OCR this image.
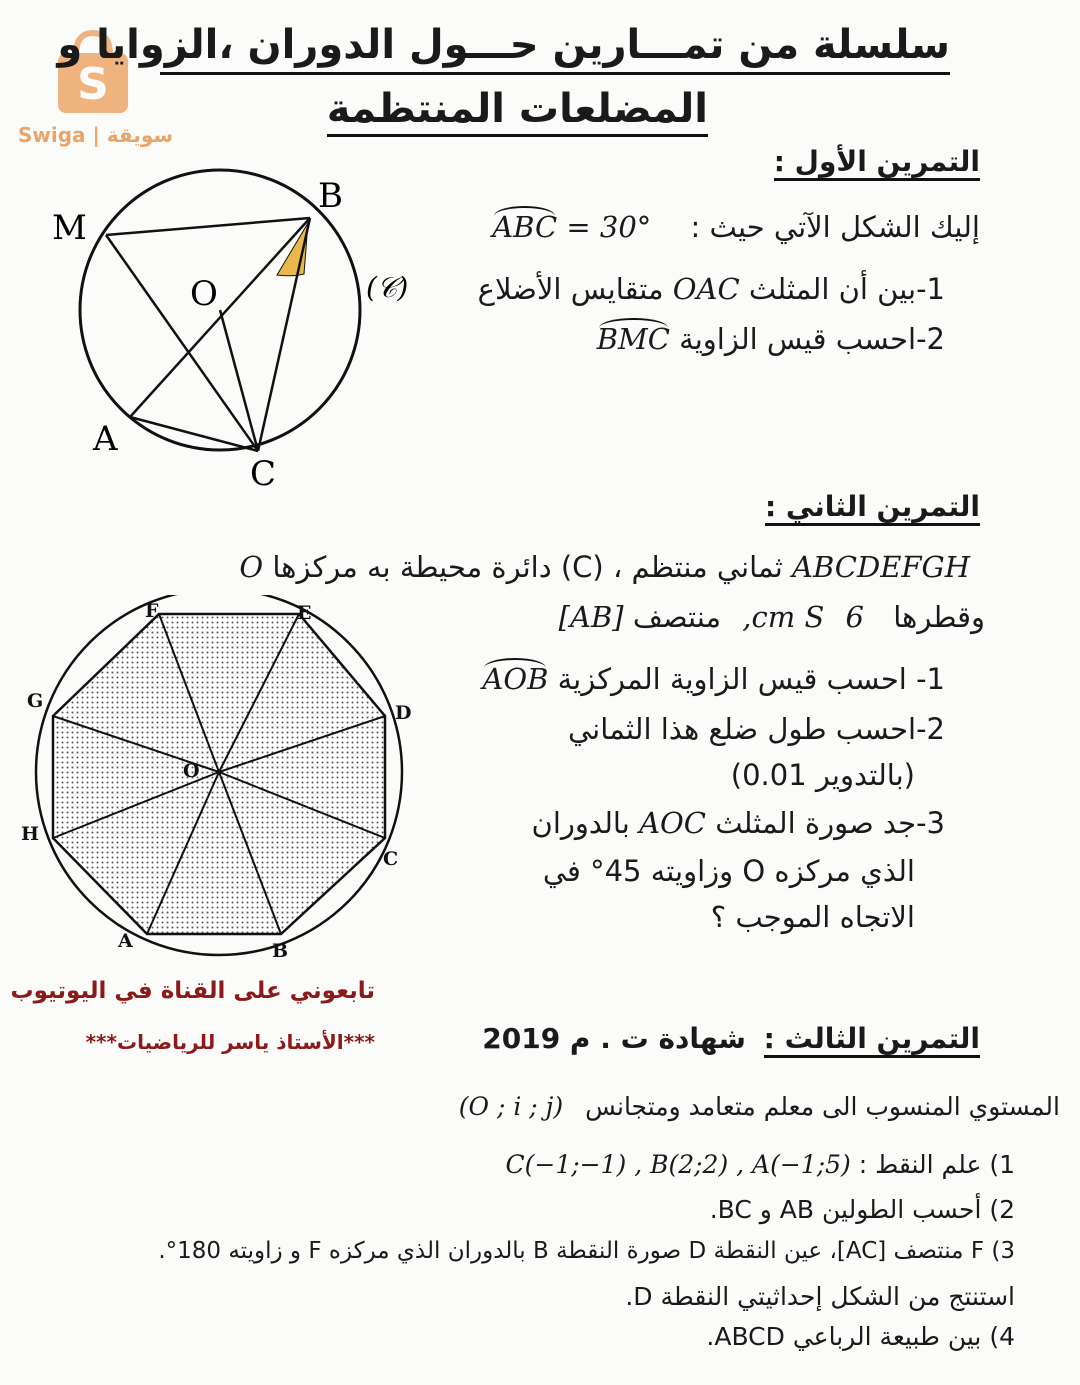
S
Swiga | سويقة
سلسلة من تمـــارين حـــول الدوران ،الزوايا و
المضلعات المنتظمة
التمرين الأول :
إليك الشكل الآتي حيث : ABC = 30°
1-بين أن المثلث OAC متقايس الأضلاع
2-احسب قيس الزاوية BMC
M
B
O
A
C
(𝒞)
التمرين الثاني :
ABCDEFGH ثماني منتظم ، (C) دائرة محيطة به مركزها O
وقطرها 6 cm S, منتصف [AB]
1- احسب قيس الزاوية المركزية AOB
2-احسب طول ضلع هذا الثماني
(بالتدوير 0.01)
3-جد صورة المثلث AOC بالدوران
الذي مركزه O وزاويته 45° في
الاتجاه الموجب ؟
F	E
G
D
O
H
C
A	B
تابعوني على القناة في اليوتيوب
***الأستاذ ياسر للرياضيات***	التمرين الثالث : شهادة ت . م 2019
المستوي المنسوب الى معلم متعامد ومتجانس (O ; i ; j)
1) علم النقط : C(−1;−1) , B(2;2) , A(−1;5)
2) أحسب الطولين AB و BC.
3) F منتصف [AC]، عين النقطة D صورة النقطة B بالدوران الذي مركزه F و زاويته 180°.
استنتج من الشكل إحداثيتي النقطة D.
4) بين طبيعة الرباعي ABCD.
